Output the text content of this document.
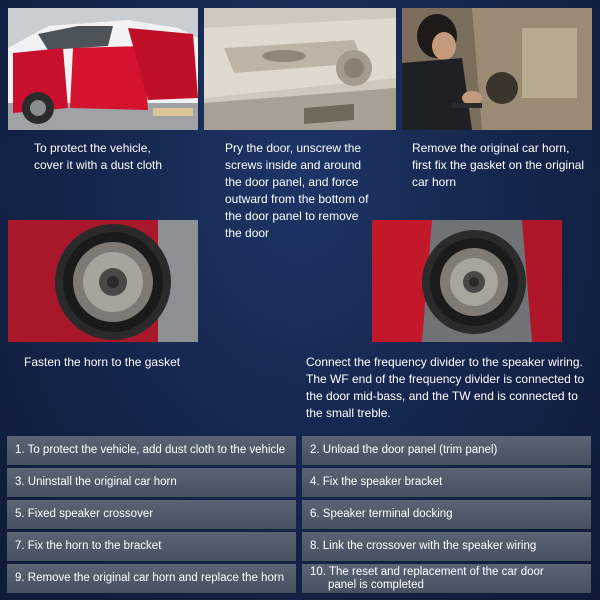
To protect the vehicle,
cover it with a dust cloth
Pry the door, unscrew the
screws inside and around
the door panel, and force
outward from the bottom of
the door panel to remove
the door
Remove the original car horn,
first fix the gasket on the original
car horn
Fasten the horn to the gasket	Connect the frequency divider to the speaker wiring.
The WF end of the frequency divider is connected to
the door mid-bass, and the TW end is connected to
the small treble.
1. To protect the vehicle, add dust cloth to the vehicle	2. Unload the door panel (trim panel)
3. Uninstall the original car horn	4. Fix the speaker bracket
5. Fixed speaker crossover	6. Speaker terminal docking
7. Fix the horn to the bracket	8. Link the crossover with the speaker wiring
9. Remove the original car horn and replace the horn
10. The reset and replacement of the car door
panel is completed
